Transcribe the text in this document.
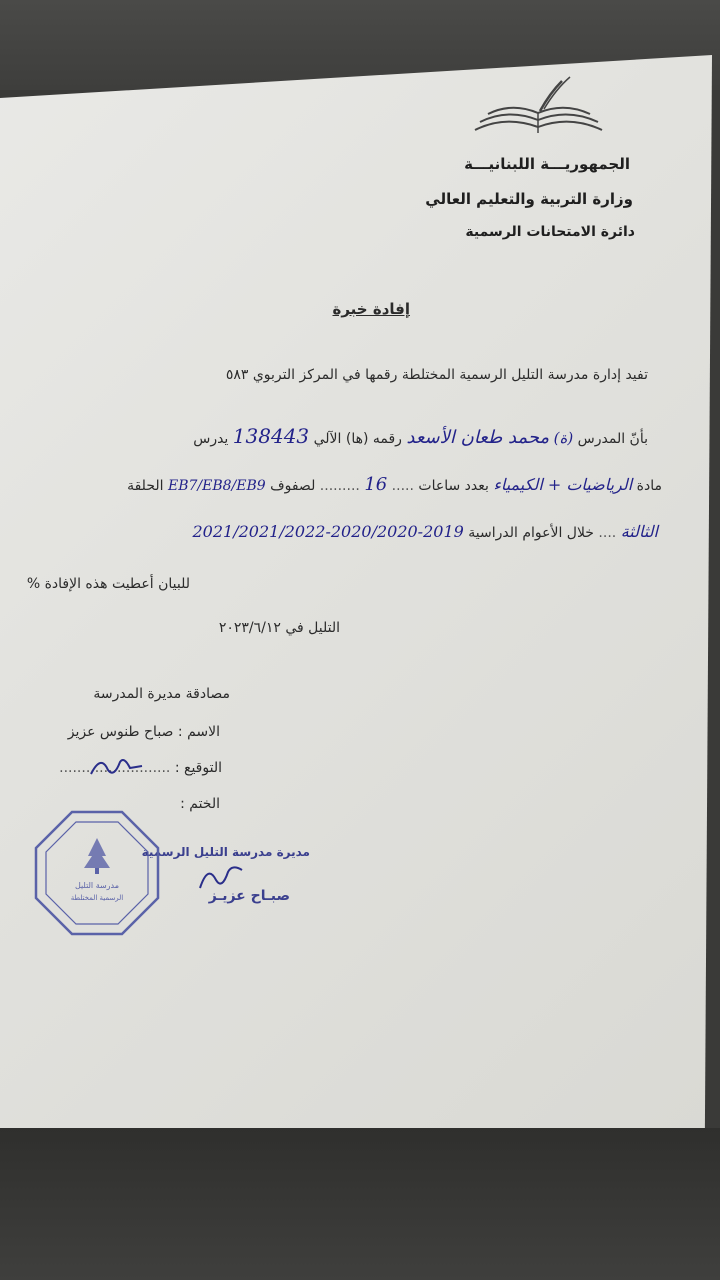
الجمهوريـــة اللبنانيـــة
وزارة التربية والتعليم العالي
دائرة الامتحانات الرسمية
إفادة خبرة
تفيد إدارة مدرسة التليل الرسمية المختلطة رقمها في المركز التربوي ٥٨٣
بأنّ المدرس (ة) محمد طعان الأسعد رقمه (ها) الآلي 138443 يدرس
مادة الرياضيات + الكيمياء بعدد ساعات ..... 16 ......... لصفوف EB7/EB8/EB9 الحلقة
الثالثة .... خلال الأعوام الدراسية 2019-2020/2020-2021/2021/2022
للبيان أعطيت هذه الإفادة %
التليل في ٢٠٢٣/٦/١٢
مصادقة مديرة المدرسة
الاسم : صباح طنوس عزيز
التوقيع : .........................
الختم :
مديرة مدرسة التليل الرسمية
صبـاح عزيـز
مدرسة التليل
الرسمية المختلطة
